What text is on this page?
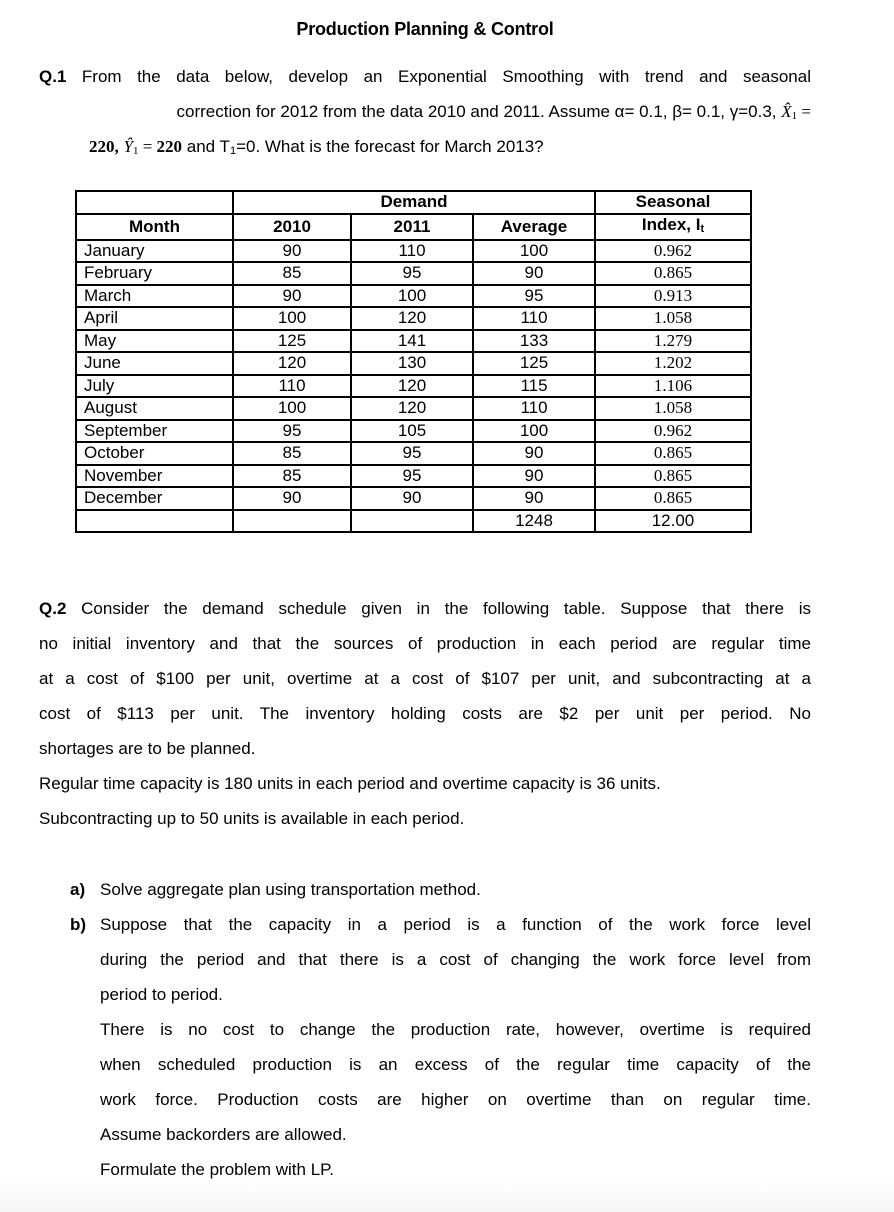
Production Planning & Control
Q.1 From the data below, develop an Exponential Smoothing with trend and seasonal
correction for 2012 from the data 2010 and 2011. Assume α= 0.1, β= 0.1, γ=0.3, X̂1 =
220, Ŷ1 = 220 and T1=0. What is the forecast for March 2013?
	Demand			Seasonal
Month	2010	2011	Average	Index, It
January	90	110	100	0.962
February	85	95	90	0.865
March	90	100	95	0.913
April	100	120	110	1.058
May	125	141	133	1.279
June	120	130	125	1.202
July	110	120	115	1.106
August	100	120	110	1.058
September	95	105	100	0.962
October	85	95	90	0.865
November	85	95	90	0.865
December	90	90	90	0.865
			1248	12.00
Q.2 Consider the demand schedule given in the following table. Suppose that there is
no initial inventory and that the sources of production in each period are regular time
at a cost of $100 per unit, overtime at a cost of $107 per unit, and subcontracting at a
cost of $113 per unit. The inventory holding costs are $2 per unit per period. No
shortages are to be planned.
Regular time capacity is 180 units in each period and overtime capacity is 36 units.
Subcontracting up to 50 units is available in each period.
a) Solve aggregate plan using transportation method.
b) Suppose that the capacity in a period is a function of the work force level
during the period and that there is a cost of changing the work force level from
period to period.
There is no cost to change the production rate, however, overtime is required
when scheduled production is an excess of the regular time capacity of the
work force. Production costs are higher on overtime than on regular time.
Assume backorders are allowed.
Formulate the problem with LP.
